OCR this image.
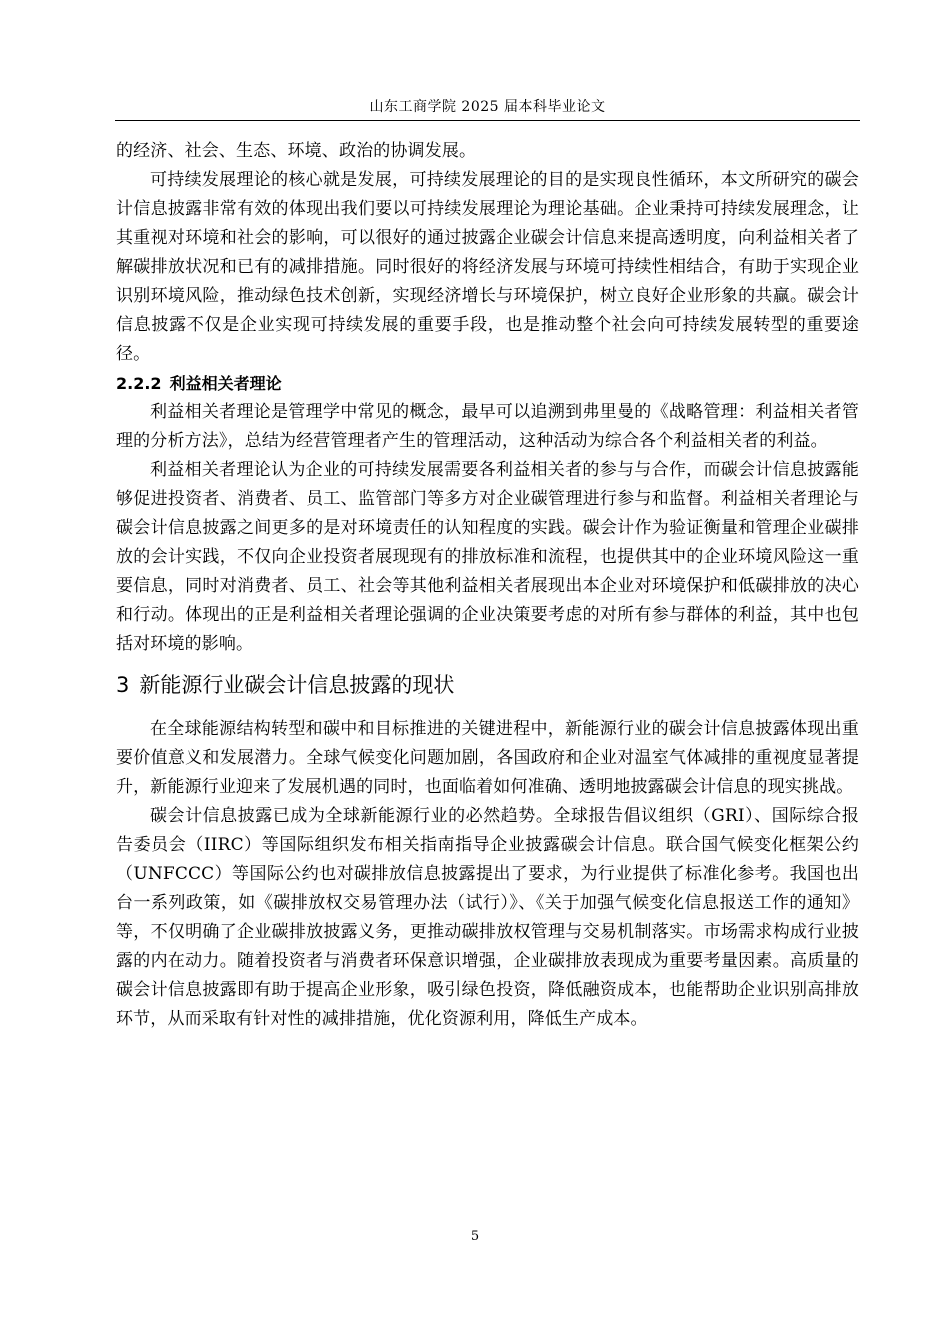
山东工商学院 2025 届本科毕业论文

的经济、社会、生态、环境、政治的协调发展。

可持续发展理论的核心就是发展，可持续发展理论的目的是实现良性循环，本文所研究的碳会计信息披露非常有效的体现出我们要以可持续发展理论为理论基础。企业秉持可持续发展理念，让其重视对环境和社会的影响，可以很好的通过披露企业碳会计信息来提高透明度，向利益相关者了解碳排放状况和已有的减排措施。同时很好的将经济发展与环境可持续性相结合，有助于实现企业识别环境风险，推动绿色技术创新，实现经济增长与环境保护，树立良好企业形象的共赢。碳会计信息披露不仅是企业实现可持续发展的重要手段，也是推动整个社会向可持续发展转型的重要途径。

2.2.2 利益相关者理论

利益相关者理论是管理学中常见的概念，最早可以追溯到弗里曼的《战略管理：利益相关者管理的分析方法》，总结为经营管理者产生的管理活动，这种活动为综合各个利益相关者的利益。

利益相关者理论认为企业的可持续发展需要各利益相关者的参与与合作，而碳会计信息披露能够促进投资者、消费者、员工、监管部门等多方对企业碳管理进行参与和监督。利益相关者理论与碳会计信息披露之间更多的是对环境责任的认知程度的实践。碳会计作为验证衡量和管理企业碳排放的会计实践，不仅向企业投资者展现现有的排放标准和流程，也提供其中的企业环境风险这一重要信息，同时对消费者、员工、社会等其他利益相关者展现出本企业对环境保护和低碳排放的决心和行动。体现出的正是利益相关者理论强调的企业决策要考虑的对所有参与群体的利益，其中也包括对环境的影响。

3 新能源行业碳会计信息披露的现状

在全球能源结构转型和碳中和目标推进的关键进程中，新能源行业的碳会计信息披露体现出重要价值意义和发展潜力。全球气候变化问题加剧，各国政府和企业对温室气体减排的重视度显著提升，新能源行业迎来了发展机遇的同时，也面临着如何准确、透明地披露碳会计信息的现实挑战。

碳会计信息披露已成为全球新能源行业的必然趋势。全球报告倡议组织（GRI）、国际综合报告委员会（IIRC）等国际组织发布相关指南指导企业披露碳会计信息。联合国气候变化框架公约（UNFCCC）等国际公约也对碳排放信息披露提出了要求，为行业提供了标准化参考。我国也出台一系列政策，如《碳排放权交易管理办法（试行）》、《关于加强气候变化信息报送工作的通知》等，不仅明确了企业碳排放披露义务，更推动碳排放权管理与交易机制落实。市场需求构成行业披露的内在动力。随着投资者与消费者环保意识增强，企业碳排放表现成为重要考量因素。高质量的碳会计信息披露即有助于提高企业形象，吸引绿色投资，降低融资成本，也能帮助企业识别高排放环节，从而采取有针对性的减排措施，优化资源利用，降低生产成本。

5
